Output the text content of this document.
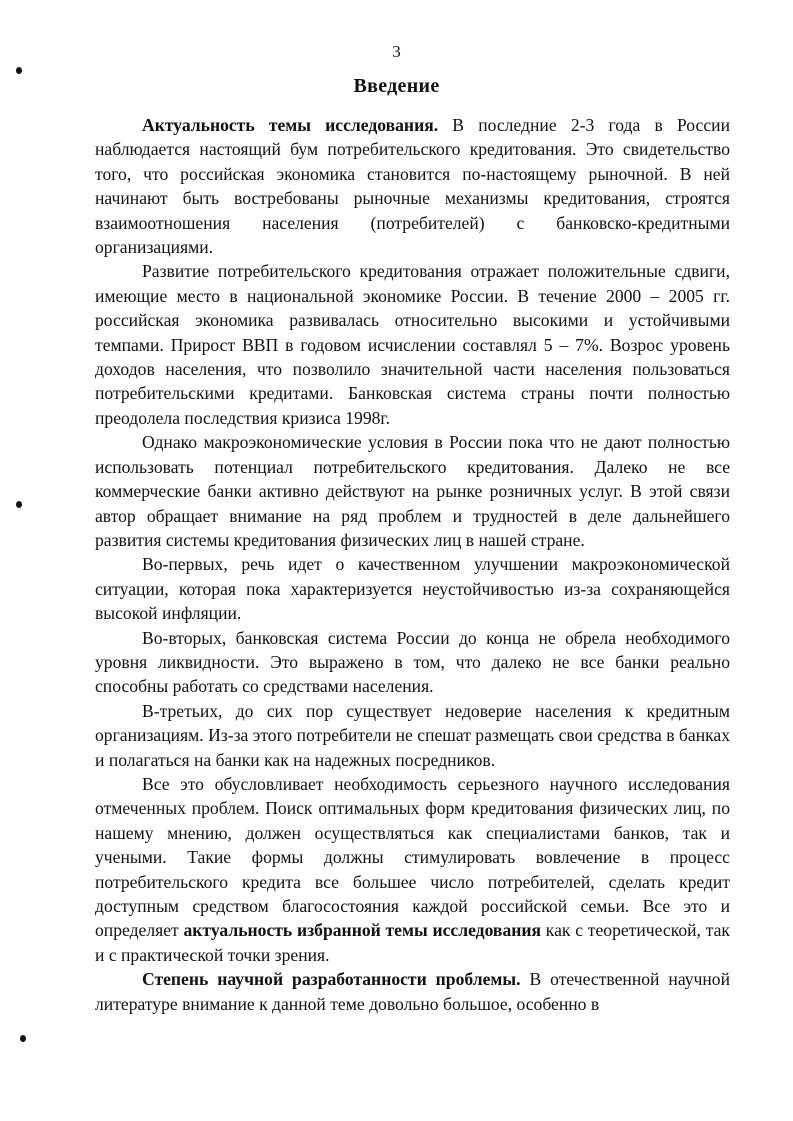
3
Введение

Актуальность темы исследования. В последние 2-3 года в России наблюдается настоящий бум потребительского кредитования. Это свидетельство того, что российская экономика становится по-настоящему рыночной. В ней начинают быть востребованы рыночные механизмы кредитования, строятся взаимоотношения населения (потребителей) с банковско-кредитными организациями.

Развитие потребительского кредитования отражает положительные сдвиги, имеющие место в национальной экономике России. В течение 2000 – 2005 гг. российская экономика развивалась относительно высокими и устойчивыми темпами. Прирост ВВП в годовом исчислении составлял 5 – 7%. Возрос уровень доходов населения, что позволило значительной части населения пользоваться потребительскими кредитами. Банковская система страны почти полностью преодолела последствия кризиса 1998г.

Однако макроэкономические условия в России пока что не дают полностью использовать потенциал потребительского кредитования. Далеко не все коммерческие банки активно действуют на рынке розничных услуг. В этой связи автор обращает внимание на ряд проблем и трудностей в деле дальнейшего развития системы кредитования физических лиц в нашей стране.

Во-первых, речь идет о качественном улучшении макроэкономической ситуации, которая пока характеризуется неустойчивостью из-за сохраняющейся высокой инфляции.

Во-вторых, банковская система России до конца не обрела необходимого уровня ликвидности. Это выражено в том, что далеко не все банки реально способны работать со средствами населения.

В-третьих, до сих пор существует недоверие населения к кредитным организациям. Из-за этого потребители не спешат размещать свои средства в банках и полагаться на банки как на надежных посредников.

Все это обусловливает необходимость серьезного научного исследования отмеченных проблем. Поиск оптимальных форм кредитования физических лиц, по нашему мнению, должен осуществляться как специалистами банков, так и учеными. Такие формы должны стимулировать вовлечение в процесс потребительского кредита все большее число потребителей, сделать кредит доступным средством благосостояния каждой российской семьи. Все это и определяет актуальность избранной темы исследования как с теоретической, так и с практической точки зрения.

Степень научной разработанности проблемы. В отечественной научной литературе внимание к данной теме довольно большое, особенно в
